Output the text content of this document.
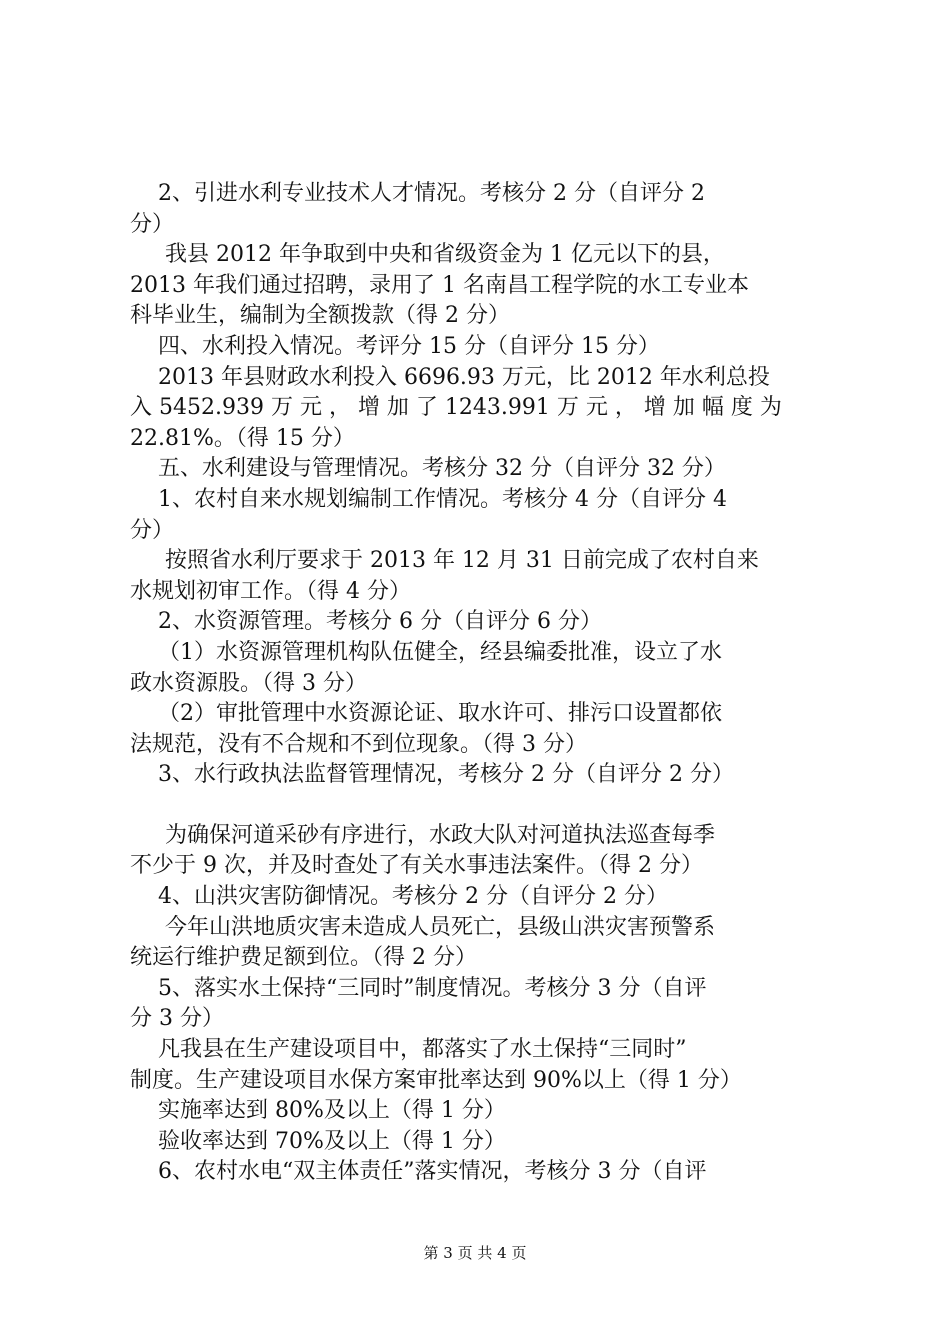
2、引进水利专业技术人才情况。考核分 2 分（自评分 2
分）
我县 2012 年争取到中央和省级资金为 1 亿元以下的县，
2013 年我们通过招聘，录用了 1 名南昌工程学院的水工专业本
科毕业生，编制为全额拨款（得 2 分）
四、水利投入情况。考评分 15 分（自评分 15 分）
2013 年县财政水利投入 6696.93 万元，比 2012 年水利总投
入 5452.939 万 元 ， 增 加 了 1243.991 万 元 ， 增 加 幅 度 为
22.81%。（得 15 分）
五、水利建设与管理情况。考核分 32 分（自评分 32 分）
1、农村自来水规划编制工作情况。考核分 4 分（自评分 4
分）
按照省水利厅要求于 2013 年 12 月 31 日前完成了农村自来
水规划初审工作。（得 4 分）
2、水资源管理。考核分 6 分（自评分 6 分）
（1）水资源管理机构队伍健全，经县编委批准，设立了水
政水资源股。（得 3 分）
（2）审批管理中水资源论证、取水许可、排污口设置都依
法规范，没有不合规和不到位现象。（得 3 分）
3、水行政执法监督管理情况，考核分 2 分（自评分 2 分）
为确保河道采砂有序进行，水政大队对河道执法巡查每季
不少于 9 次，并及时查处了有关水事违法案件。（得 2 分）
4、山洪灾害防御情况。考核分 2 分（自评分 2 分）
今年山洪地质灾害未造成人员死亡，县级山洪灾害预警系
统运行维护费足额到位。（得 2 分）
5、落实水土保持“三同时”制度情况。考核分 3 分（自评
分 3 分）
凡我县在生产建设项目中，都落实了水土保持“三同时”
制度。生产建设项目水保方案审批率达到 90%以上（得 1 分）
实施率达到 80%及以上（得 1 分）
验收率达到 70%及以上（得 1 分）
6、农村水电“双主体责任”落实情况，考核分 3 分（自评
第 3 页 共 4 页
